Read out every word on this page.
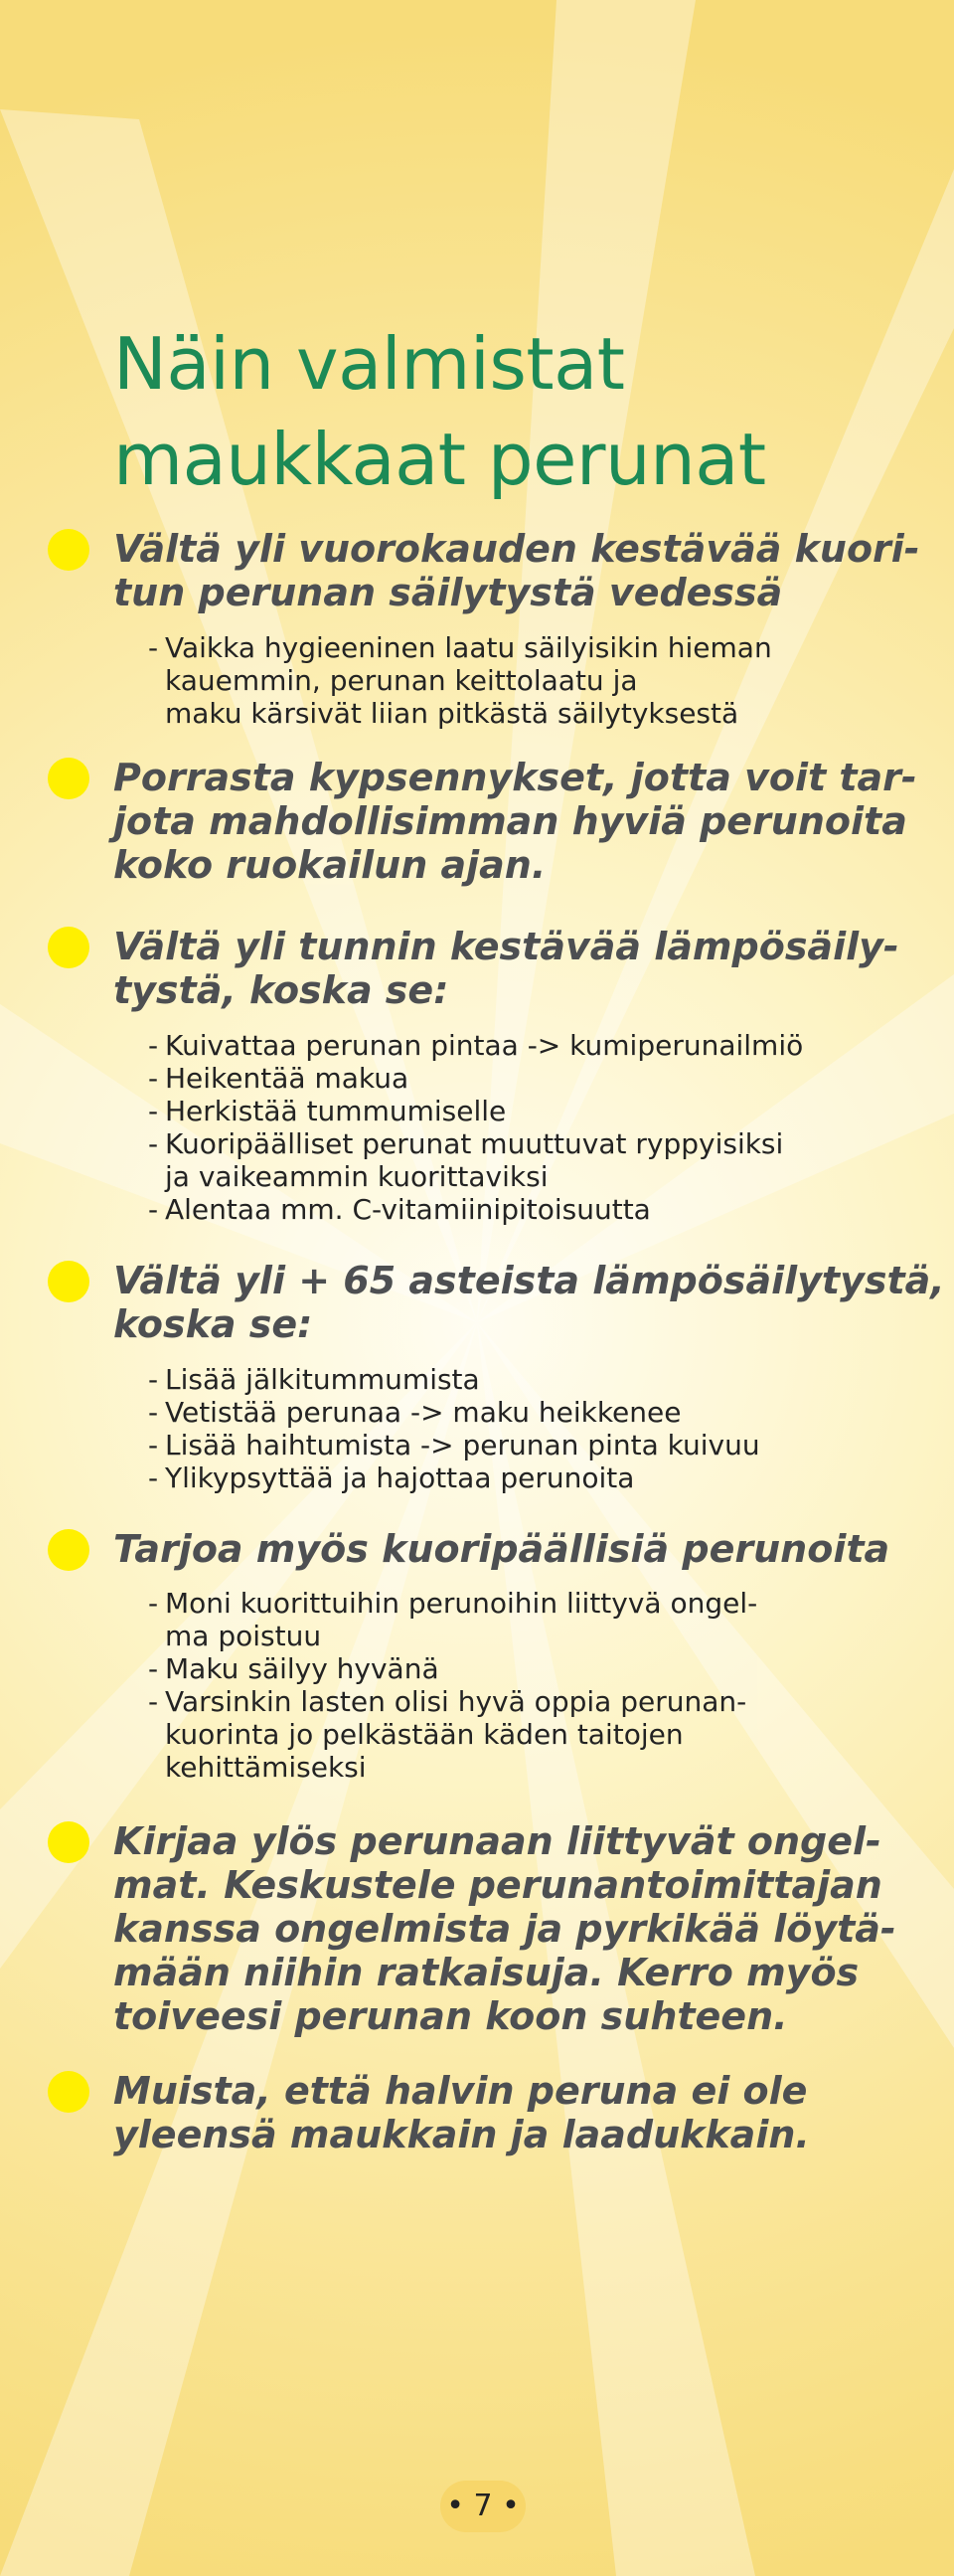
Näin valmistat
maukkaat perunat
Vältä yli vuorokauden kestävää kuori-
tun perunan säilytystä vedessä
- Vaikka hygieeninen laatu säilyisikin hieman
kauemmin, perunan keittolaatu ja
maku kärsivät liian pitkästä säilytyksestä
Porrasta kypsennykset, jotta voit tar-
jota mahdollisimman hyviä perunoita
koko ruokailun ajan.
Vältä yli tunnin kestävää lämpösäily-
tystä, koska se:
- Kuivattaa perunan pintaa -> kumiperunailmiö
- Heikentää makua
- Herkistää tummumiselle
- Kuoripäälliset perunat muuttuvat ryppyisiksi
ja vaikeammin kuorittaviksi
- Alentaa mm. C-vitamiinipitoisuutta
Vältä yli + 65 asteista lämpösäilytystä,
koska se:
- Lisää jälkitummumista
- Vetistää perunaa -> maku heikkenee
- Lisää haihtumista -> perunan pinta kuivuu
- Ylikypsyttää ja hajottaa perunoita
Tarjoa myös kuoripäällisiä perunoita
- Moni kuorittuihin perunoihin liittyvä ongel-
ma poistuu
- Maku säilyy hyvänä
- Varsinkin lasten olisi hyvä oppia perunan-
kuorinta jo pelkästään käden taitojen
kehittämiseksi
Kirjaa ylös perunaan liittyvät ongel-
mat. Keskustele perunantoimittajan
kanssa ongelmista ja pyrkikää löytä-
mään niihin ratkaisuja. Kerro myös
toiveesi perunan koon suhteen.
Muista, että halvin peruna ei ole
yleensä maukkain ja laadukkain.
• 7 •
